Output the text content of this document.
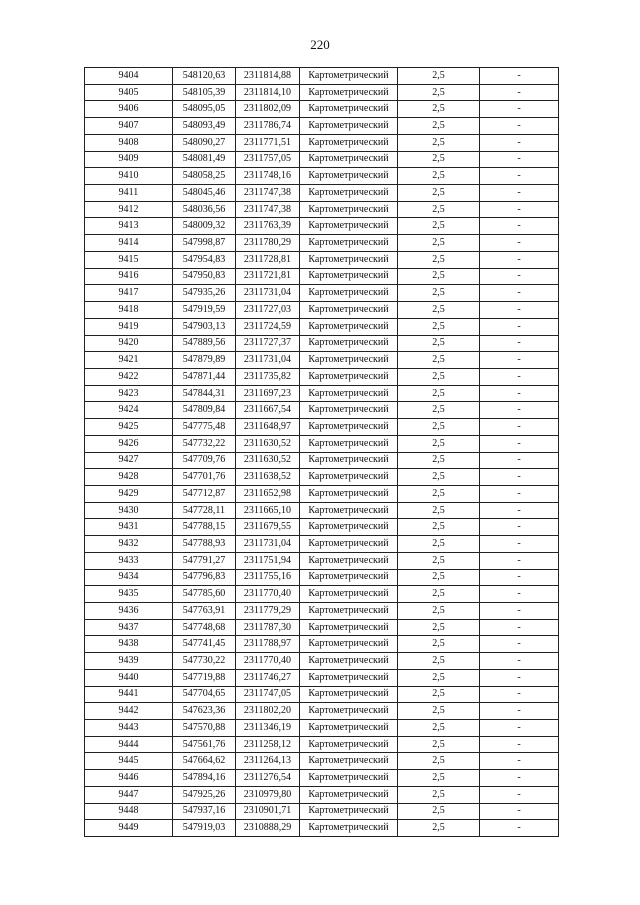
220
9404	548120,63	2311814,88	Картометрический	2,5	-
9405	548105,39	2311814,10	Картометрический	2,5	-
9406	548095,05	2311802,09	Картометрический	2,5	-
9407	548093,49	2311786,74	Картометрический	2,5	-
9408	548090,27	2311771,51	Картометрический	2,5	-
9409	548081,49	2311757,05	Картометрический	2,5	-
9410	548058,25	2311748,16	Картометрический	2,5	-
9411	548045,46	2311747,38	Картометрический	2,5	-
9412	548036,56	2311747,38	Картометрический	2,5	-
9413	548009,32	2311763,39	Картометрический	2,5	-
9414	547998,87	2311780,29	Картометрический	2,5	-
9415	547954,83	2311728,81	Картометрический	2,5	-
9416	547950,83	2311721,81	Картометрический	2,5	-
9417	547935,26	2311731,04	Картометрический	2,5	-
9418	547919,59	2311727,03	Картометрический	2,5	-
9419	547903,13	2311724,59	Картометрический	2,5	-
9420	547889,56	2311727,37	Картометрический	2,5	-
9421	547879,89	2311731,04	Картометрический	2,5	-
9422	547871,44	2311735,82	Картометрический	2,5	-
9423	547844,31	2311697,23	Картометрический	2,5	-
9424	547809,84	2311667,54	Картометрический	2,5	-
9425	547775,48	2311648,97	Картометрический	2,5	-
9426	547732,22	2311630,52	Картометрический	2,5	-
9427	547709,76	2311630,52	Картометрический	2,5	-
9428	547701,76	2311638,52	Картометрический	2,5	-
9429	547712,87	2311652,98	Картометрический	2,5	-
9430	547728,11	2311665,10	Картометрический	2,5	-
9431	547788,15	2311679,55	Картометрический	2,5	-
9432	547788,93	2311731,04	Картометрический	2,5	-
9433	547791,27	2311751,94	Картометрический	2,5	-
9434	547796,83	2311755,16	Картометрический	2,5	-
9435	547785,60	2311770,40	Картометрический	2,5	-
9436	547763,91	2311779,29	Картометрический	2,5	-
9437	547748,68	2311787,30	Картометрический	2,5	-
9438	547741,45	2311788,97	Картометрический	2,5	-
9439	547730,22	2311770,40	Картометрический	2,5	-
9440	547719,88	2311746,27	Картометрический	2,5	-
9441	547704,65	2311747,05	Картометрический	2,5	-
9442	547623,36	2311802,20	Картометрический	2,5	-
9443	547570,88	2311346,19	Картометрический	2,5	-
9444	547561,76	2311258,12	Картометрический	2,5	-
9445	547664,62	2311264,13	Картометрический	2,5	-
9446	547894,16	2311276,54	Картометрический	2,5	-
9447	547925,26	2310979,80	Картометрический	2,5	-
9448	547937,16	2310901,71	Картометрический	2,5	-
9449	547919,03	2310888,29	Картометрический	2,5	-
